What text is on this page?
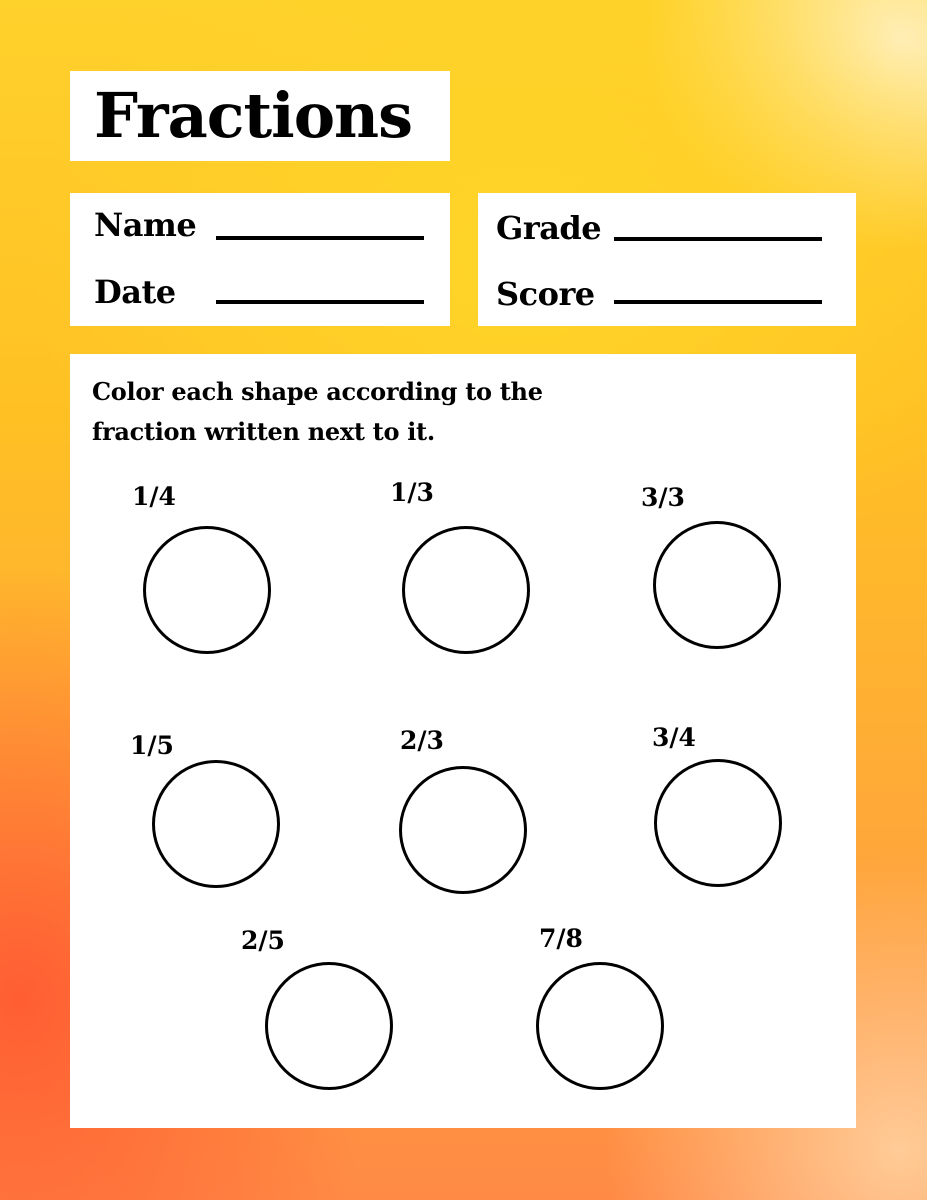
Fractions
Name
Date
Grade
Score
Color each shape according to the fraction written next to it.
1/4	1/3	3/3
1/5	2/3	3/4
2/5	7/8
